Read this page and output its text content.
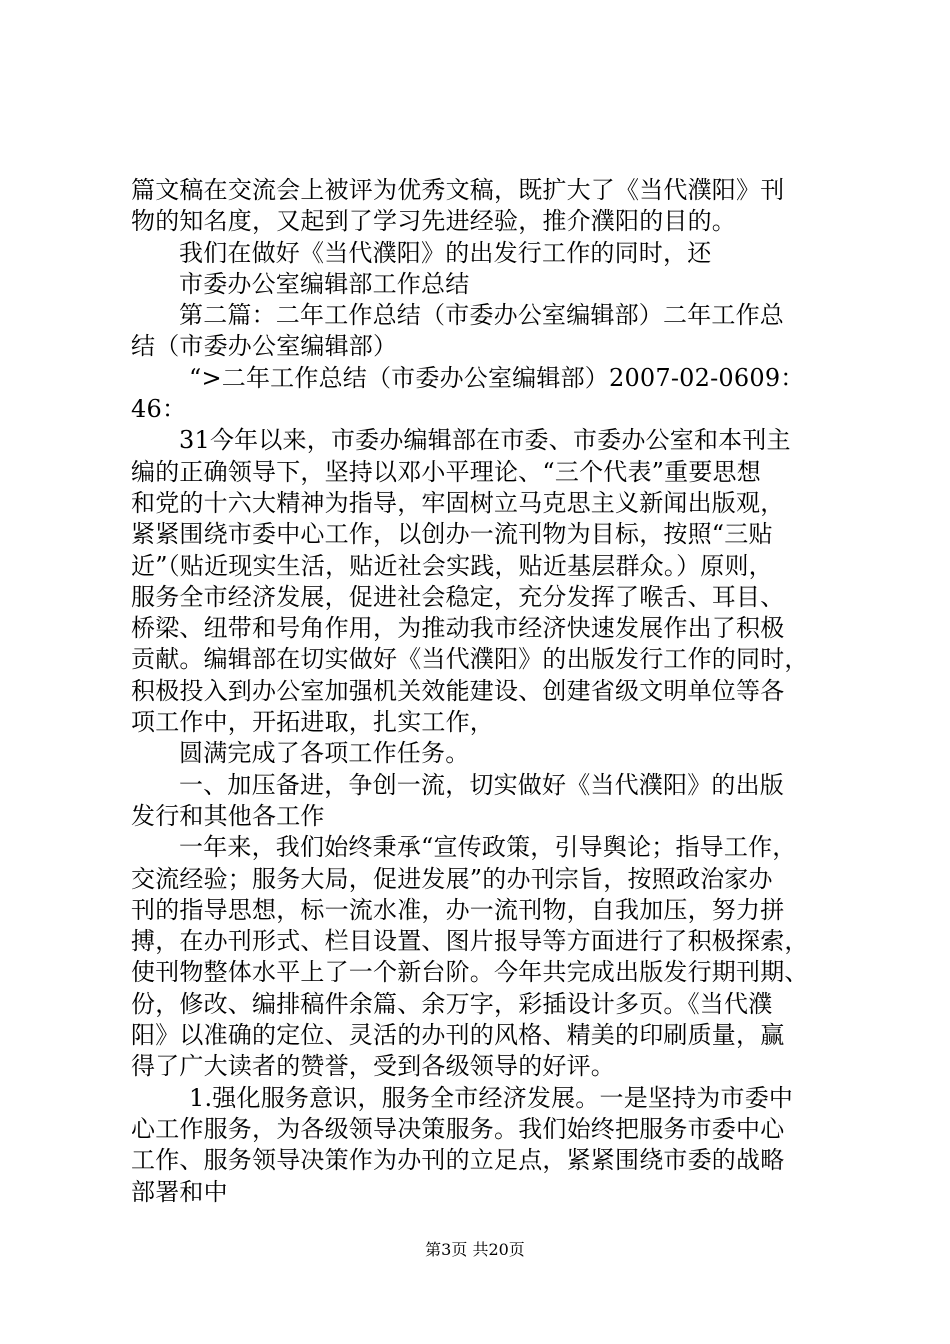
篇文稿在交流会上被评为优秀文稿，既扩大了《当代濮阳》刊
物的知名度，又起到了学习先进经验，推介濮阳的目的。
我们在做好《当代濮阳》的出发行工作的同时，还
市委办公室编辑部工作总结
第二篇：二年工作总结（市委办公室编辑部）二年工作总
结（市委办公室编辑部）
“>二年工作总结（市委办公室编辑部）2007-02-0609：
46：
31今年以来，市委办编辑部在市委、市委办公室和本刊主
编的正确领导下，坚持以邓小平理论、“三个代表”重要思想
和党的十六大精神为指导，牢固树立马克思主义新闻出版观，
紧紧围绕市委中心工作，以创办一流刊物为目标，按照“三贴
近”（贴近现实生活，贴近社会实践，贴近基层群众。）原则，
服务全市经济发展，促进社会稳定，充分发挥了喉舌、耳目、
桥梁、纽带和号角作用，为推动我市经济快速发展作出了积极
贡献。编辑部在切实做好《当代濮阳》的出版发行工作的同时，
积极投入到办公室加强机关效能建设、创建省级文明单位等各
项工作中，开拓进取，扎实工作，
圆满完成了各项工作任务。
一、加压备进，争创一流，切实做好《当代濮阳》的出版
发行和其他各工作
一年来，我们始终秉承“宣传政策，引导舆论；指导工作，
交流经验；服务大局，促进发展”的办刊宗旨，按照政治家办
刊的指导思想，标一流水准，办一流刊物，自我加压，努力拼
搏，在办刊形式、栏目设置、图片报导等方面进行了积极探索，
使刊物整体水平上了一个新台阶。今年共完成出版发行期刊期、
份，修改、编排稿件余篇、余万字，彩插设计多页。《当代濮
阳》以准确的定位、灵活的办刊的风格、精美的印刷质量，赢
得了广大读者的赞誉，受到各级领导的好评。
1.强化服务意识，服务全市经济发展。一是坚持为市委中
心工作服务，为各级领导决策服务。我们始终把服务市委中心
工作、服务领导决策作为办刊的立足点，紧紧围绕市委的战略
部署和中
第3页 共20页
